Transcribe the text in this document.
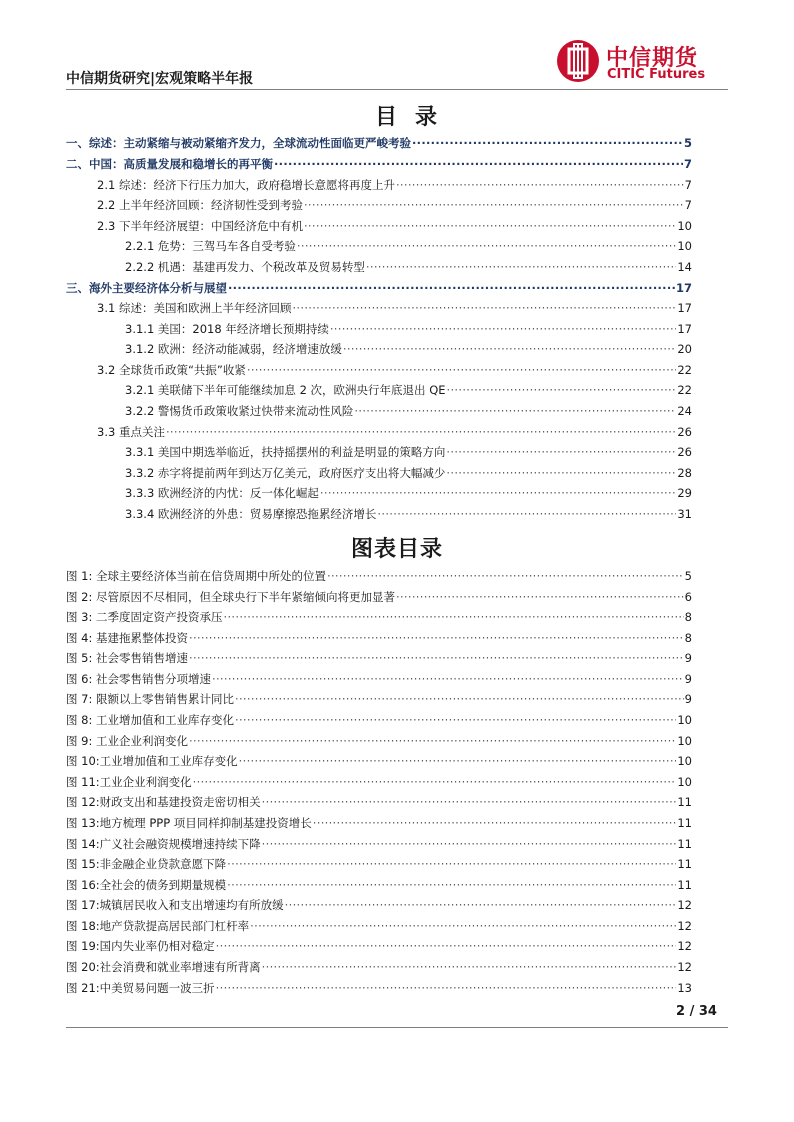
中信期货研究|宏观策略半年报
中信期货
CITIC Futures
目录
一、综述：主动紧缩与被动紧缩齐发力，全球流动性面临更严峻考验 ·····	5
二、中国：高质量发展和稳增长的再平衡 ·····	7
2.1 综述：经济下行压力加大，政府稳增长意愿将再度上升 ·····	7
2.2 上半年经济回顾：经济韧性受到考验 ·····	7
2.3 下半年经济展望：中国经济危中有机 ·····	10
2.2.1 危势：三驾马车各自受考验 ·····	10
2.2.2 机遇：基建再发力、个税改革及贸易转型 ·····	14
三、海外主要经济体分析与展望 ·····	17
3.1 综述：美国和欧洲上半年经济回顾 ·····	17
3.1.1 美国：2018 年经济增长预期持续 ·····	17
3.1.2 欧洲：经济动能减弱，经济增速放缓 ·····	20
3.2 全球货币政策“共振”收紧 ·····	22
3.2.1 美联储下半年可能继续加息 2 次，欧洲央行年底退出 QE ·····	22
3.2.2 警惕货币政策收紧过快带来流动性风险 ·····	24
3.3 重点关注 ·····	26
3.3.1 美国中期选举临近，扶持摇摆州的利益是明显的策略方向 ·····	26
3.3.2 赤字将提前两年到达万亿美元，政府医疗支出将大幅减少 ·····	28
3.3.3 欧洲经济的内忧：反一体化崛起 ·····	29
3.3.4 欧洲经济的外患：贸易摩擦恐拖累经济增长 ·····	31
图表目录
图 1: 全球主要经济体当前在信贷周期中所处的位置 ·····	5
图 2: 尽管原因不尽相同，但全球央行下半年紧缩倾向将更加显著 ·····	6
图 3: 二季度固定资产投资承压 ·····	8
图 4: 基建拖累整体投资 ·····	8
图 5: 社会零售销售增速 ·····	9
图 6: 社会零售销售分项增速 ·····	9
图 7: 限额以上零售销售累计同比 ·····	9
图 8: 工业增加值和工业库存变化 ·····	10
图 9: 工业企业利润变化 ·····	10
图 10:工业增加值和工业库存变化 ·····	10
图 11:工业企业利润变化 ·····	10
图 12:财政支出和基建投资走密切相关 ·····	11
图 13:地方梳理 PPP 项目同样抑制基建投资增长 ·····	11
图 14:广义社会融资规模增速持续下降 ·····	11
图 15:非金融企业贷款意愿下降 ·····	11
图 16:全社会的债务到期量规模 ·····	11
图 17:城镇居民收入和支出增速均有所放缓 ·····	12
图 18:地产贷款提高居民部门杠杆率 ·····	12
图 19:国内失业率仍相对稳定 ·····	12
图 20:社会消费和就业率增速有所背离 ·····	12
图 21:中美贸易问题一波三折 ·····	13
2 / 34
